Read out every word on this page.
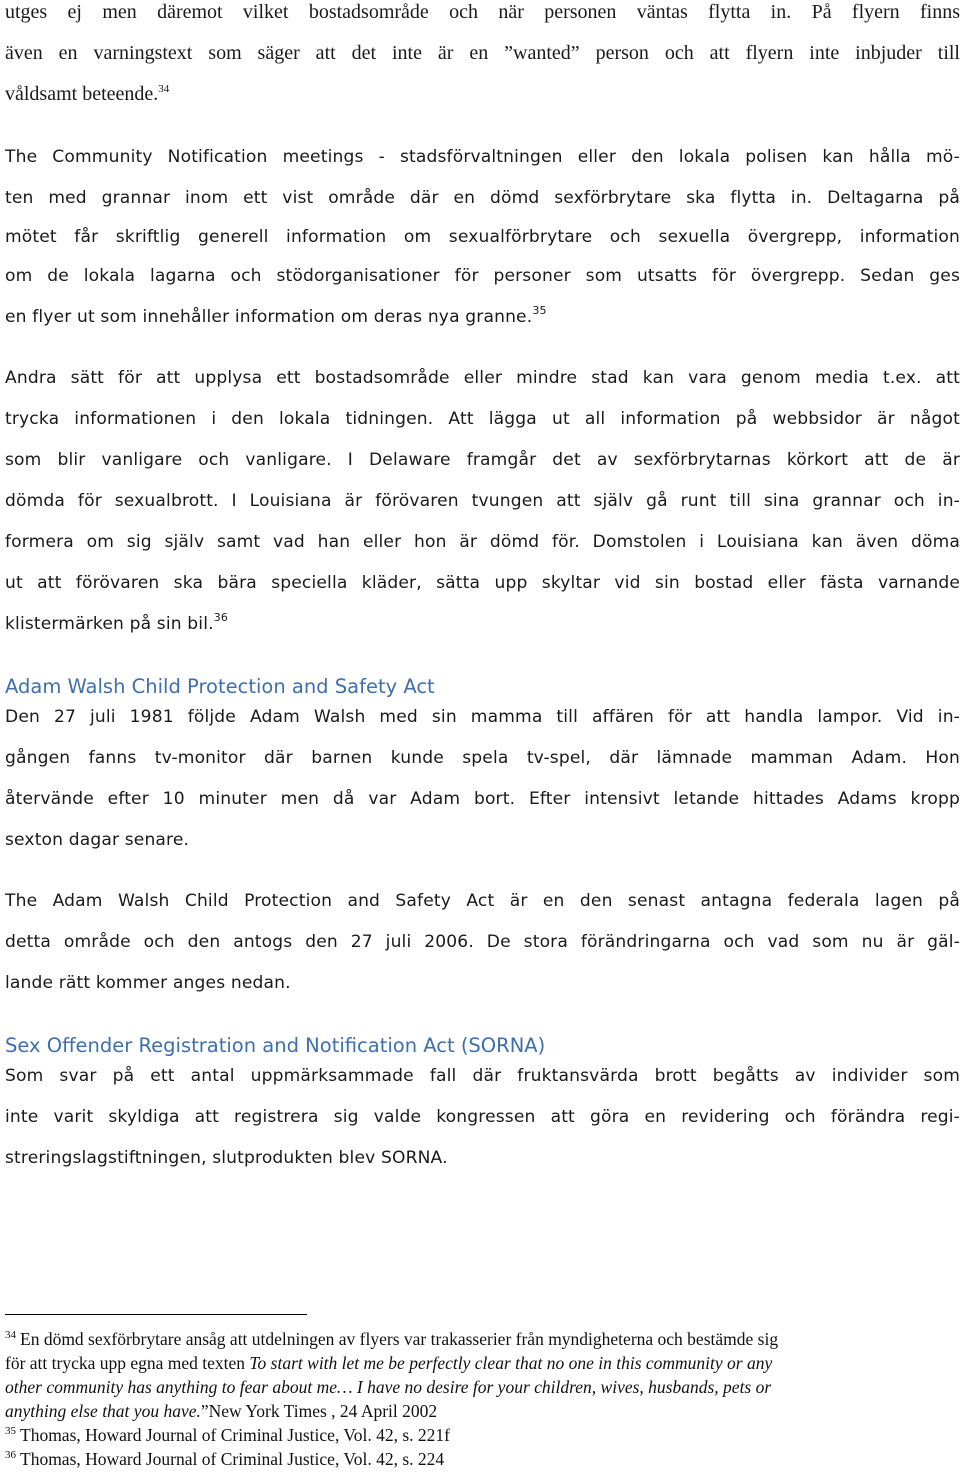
utges ej men däremot vilket bostadsområde och när personen väntas flytta in. På flyern finns
även en varningstext som säger att det inte är en ”wanted” person och att flyern inte inbjuder till
våldsamt beteende.$^{34}$
The Community Notification meetings - stadsförvaltningen eller den lokala polisen kan hålla mö-
ten med grannar inom ett vist område där en dömd sexförbrytare ska flytta in. Deltagarna på
mötet får skriftlig generell information om sexualförbrytare och sexuella övergrepp, information
om de lokala lagarna och stödorganisationer för personer som utsatts för övergrepp. Sedan ges
en flyer ut som innehåller information om deras nya granne.$^{35}$
Andra sätt för att upplysa ett bostadsområde eller mindre stad kan vara genom media t.ex. att
trycka informationen i den lokala tidningen. Att lägga ut all information på webbsidor är något
som blir vanligare och vanligare. I Delaware framgår det av sexförbrytarnas körkort att de är
dömda för sexualbrott. I Louisiana är förövaren tvungen att själv gå runt till sina grannar och in-
formera om sig själv samt vad han eller hon är dömd för. Domstolen i Louisiana kan även döma
ut att förövaren ska bära speciella kläder, sätta upp skyltar vid sin bostad eller fästa varnande
klistermärken på sin bil.$^{36}$
Adam Walsh Child Protection and Safety Act
Den 27 juli 1981 följde Adam Walsh med sin mamma till affären för att handla lampor. Vid in-
gången fanns tv-monitor där barnen kunde spela tv-spel, där lämnade mamman Adam. Hon
återvände efter 10 minuter men då var Adam bort. Efter intensivt letande hittades Adams kropp
sexton dagar senare.
The Adam Walsh Child Protection and Safety Act är en den senast antagna federala lagen på
detta område och den antogs den 27 juli 2006. De stora förändringarna och vad som nu är gäl-
lande rätt kommer anges nedan.
Sex Offender Registration and Notification Act (SORNA)
Som svar på ett antal uppmärksammade fall där fruktansvärda brott begåtts av individer som
inte varit skyldiga att registrera sig valde kongressen att göra en revidering och förändra regi-
streringslagstiftningen, slutprodukten blev SORNA.
$^{34}$ En dömd sexförbrytare ansåg att utdelningen av flyers var trakasserier från myndigheterna och bestämde sig
för att trycka upp egna med texten To start with let me be perfectly clear that no one in this community or any
other community has anything to fear about me… I have no desire for your children, wives, husbands, pets or
anything else that you have.”New York Times , 24 April 2002
$^{35}$ Thomas, Howard Journal of Criminal Justice, Vol. 42, s. 221f
$^{36}$ Thomas, Howard Journal of Criminal Justice, Vol. 42, s. 224
